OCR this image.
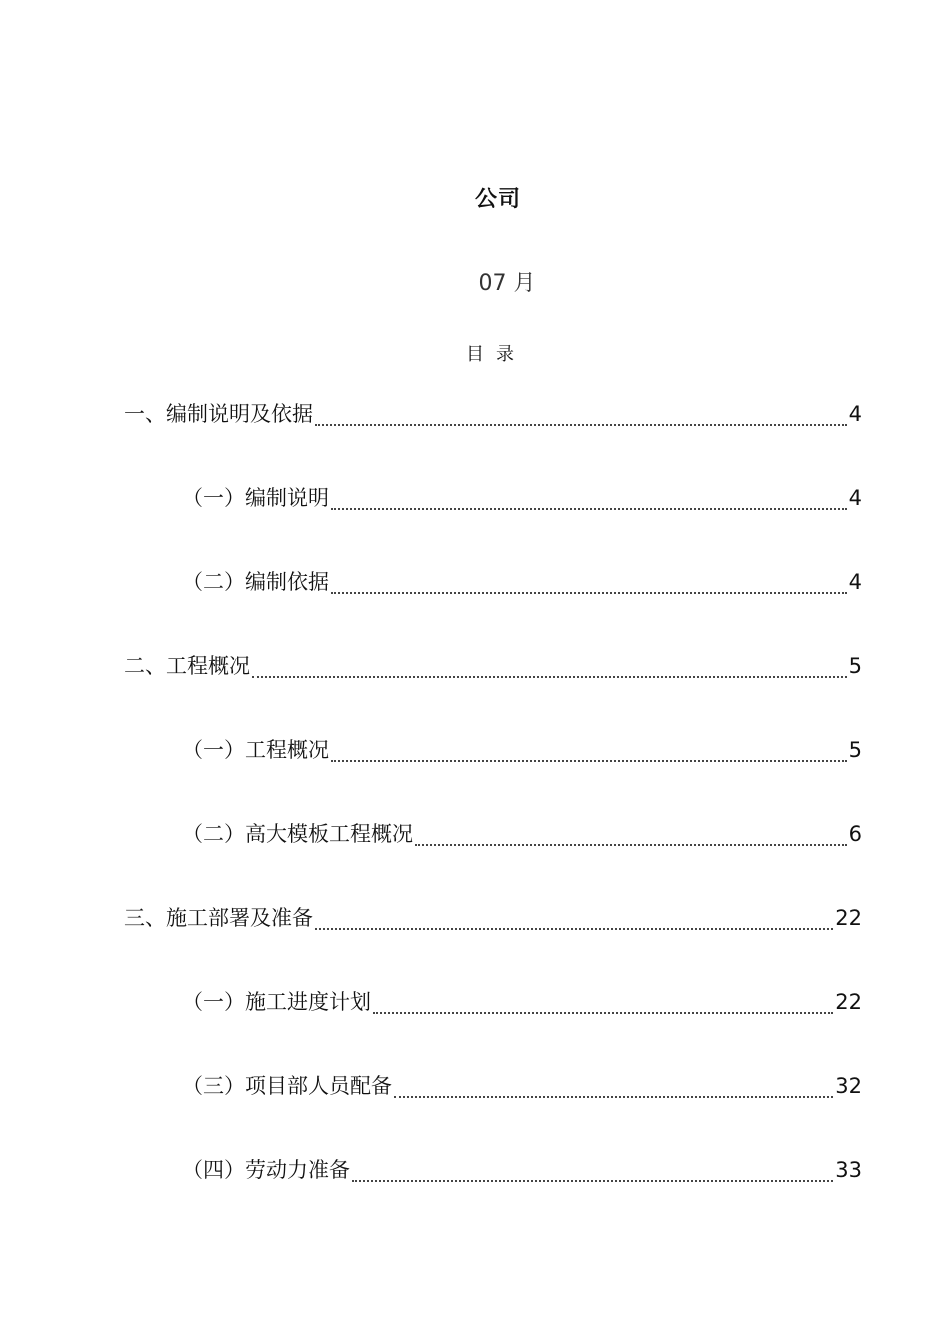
公司
07 月
目录
一、编制说明及依据	4
（一）编制说明	4
（二）编制依据	4
二、工程概况	5
（一）工程概况	5
（二）高大模板工程概况	6
三、施工部署及准备	22
（一）施工进度计划	22
（三）项目部人员配备	32
（四）劳动力准备	33
